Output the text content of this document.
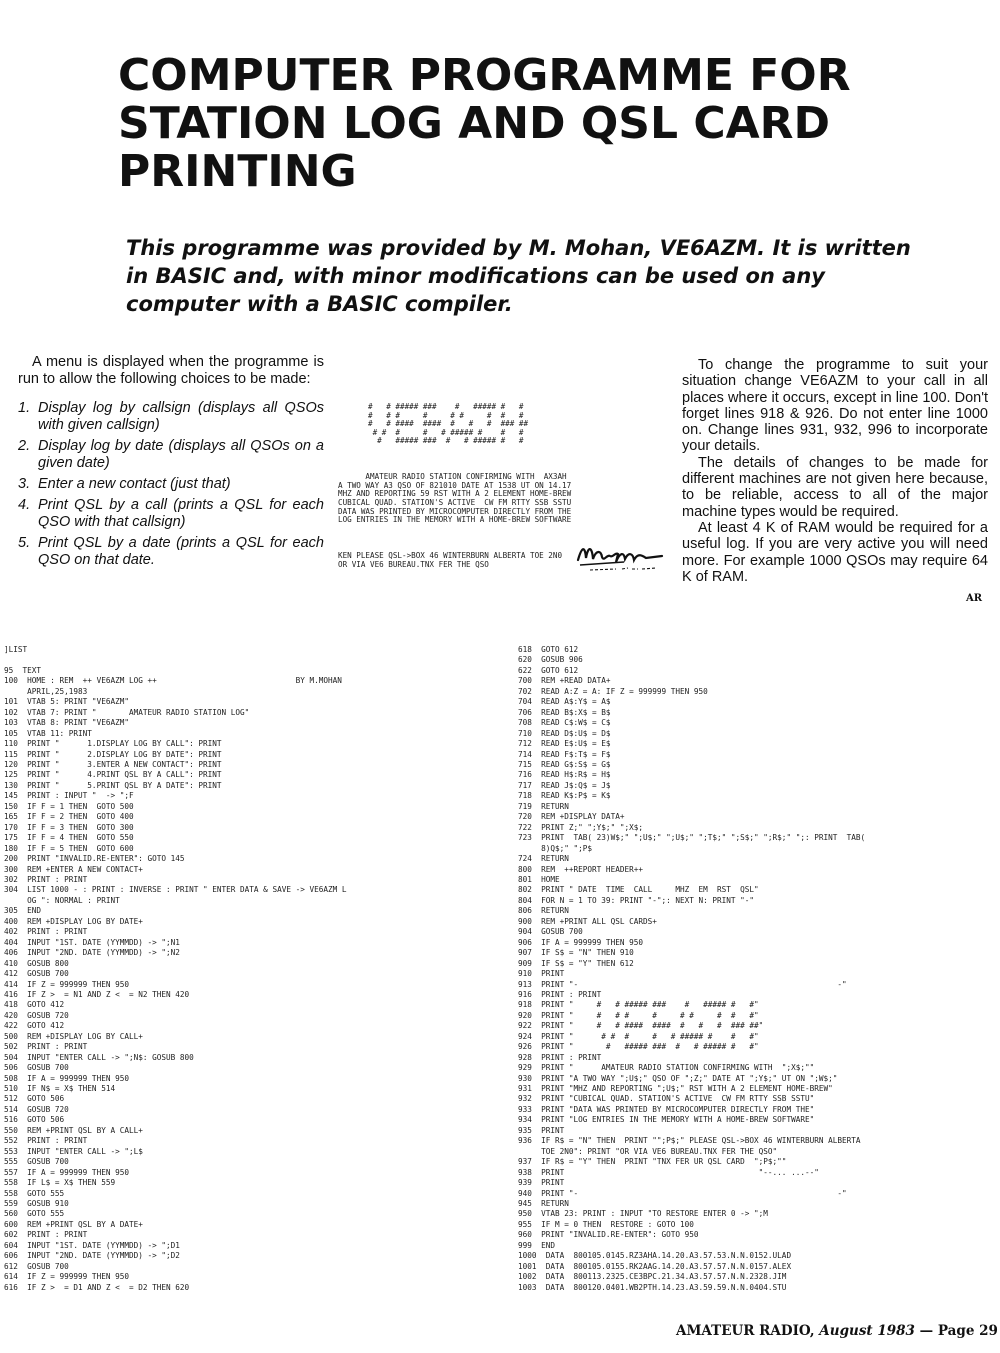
COMPUTER PROGRAMME FOR
STATION LOG AND QSL CARD
PRINTING

This programme was provided by M. Mohan, VE6AZM. It is written in BASIC and, with minor modifications can be used on any computer with a BASIC compiler.

A menu is displayed when the programme is run to allow the following choices to be made:

1. Display log by callsign (displays all QSOs with given callsign)
2. Display log by date (displays all QSOs on a given date)
3. Enter a new contact (just that)
4. Print QSL by a call (prints a QSL for each QSO with that callsign)
5. Print QSL by a date (prints a QSL for each QSO on that date.

#   # ##### ###    #   ##### #   #
#   # #     #     # #     #  #   #
#   # ####  ####  #   #   #  ### ##
# #  #     #   # ##### #    #   #
#   ##### ###  #   # ##### #   #

AMATEUR RADIO STATION CONFIRMING WITH  AX3AH
A TWO WAY A3 QSO OF 821010 DATE AT 1538 UT ON 14.17
MHZ AND REPORTING 59 RST WITH A 2 ELEMENT HOME-BREW
CUBICAL QUAD. STATION'S ACTIVE  CW FM RTTY SSB SSTU
DATA WAS PRINTED BY MICROCOMPUTER DIRECTLY FROM THE
LOG ENTRIES IN THE MEMORY WITH A HOME-BREW SOFTWARE

KEN PLEASE QSL->BOX 46 WINTERBURN ALBERTA TOE 2N0
OR VIA VE6 BUREAU.TNX FER THE QSO

To change the programme to suit your situation change VE6AZM to your call in all places where it occurs, except in line 100. Don't forget lines 918 & 926. Do not enter line 1000 on. Change lines 931, 932, 996 to incorporate your details.

The details of changes to be made for different machines are not given here because, to be reliable, access to all of the major machine types would be required.

At least 4 K of RAM would be required for a useful log. If you are very active you will need more. For example 1000 QSOs may require 64 K of RAM.

AR
]LIST

95  TEXT
100  HOME : REM  ++ VE6AZM LOG ++                              BY M.MOHAN
APRIL,25,1983
101  VTAB 5: PRINT "VE6AZM"
102  VTAB 7: PRINT "       AMATEUR RADIO STATION LOG"
103  VTAB 8: PRINT "VE6AZM"
105  VTAB 11: PRINT
110  PRINT "      1.DISPLAY LOG BY CALL": PRINT
115  PRINT "      2.DISPLAY LOG BY DATE": PRINT
120  PRINT "      3.ENTER A NEW CONTACT": PRINT
125  PRINT "      4.PRINT QSL BY A CALL": PRINT
130  PRINT "      5.PRINT QSL BY A DATE": PRINT
145  PRINT : INPUT "  -> ";F
150  IF F = 1 THEN  GOTO 500
165  IF F = 2 THEN  GOTO 400
170  IF F = 3 THEN  GOTO 300
175  IF F = 4 THEN  GOTO 550
180  IF F = 5 THEN  GOTO 600
200  PRINT "INVALID.RE-ENTER": GOTO 145
300  REM +ENTER A NEW CONTACT+
302  PRINT : PRINT
304  LIST 1000 - : PRINT : INVERSE : PRINT " ENTER DATA & SAVE -> VE6AZM L
OG ": NORMAL : PRINT
305  END
400  REM +DISPLAY LOG BY DATE+
402  PRINT : PRINT
404  INPUT "1ST. DATE (YYMMDD) -> ";N1
406  INPUT "2ND. DATE (YYMMDD) -> ";N2
410  GOSUB 800
412  GOSUB 700
414  IF Z = 999999 THEN 950
416  IF Z >  = N1 AND Z <  = N2 THEN 420
418  GOTO 412
420  GOSUB 720
422  GOTO 412
500  REM +DISPLAY LOG BY CALL+
502  PRINT : PRINT
504  INPUT "ENTER CALL -> ";N$: GOSUB 800
506  GOSUB 700
508  IF A = 999999 THEN 950
510  IF N$ = X$ THEN 514
512  GOTO 506
514  GOSUB 720
516  GOTO 506
550  REM +PRINT QSL BY A CALL+
552  PRINT : PRINT
553  INPUT "ENTER CALL -> ";L$
555  GOSUB 700
557  IF A = 999999 THEN 950
558  IF L$ = X$ THEN 559
558  GOTO 555
559  GOSUB 910
560  GOTO 555
600  REM +PRINT QSL BY A DATE+
602  PRINT : PRINT
604  INPUT "1ST. DATE (YYMMDD) -> ";D1
606  INPUT "2ND. DATE (YYMMDD) -> ";D2
612  GOSUB 700
614  IF Z = 999999 THEN 950
616  IF Z >  = D1 AND Z <  = D2 THEN 620
618  GOTO 612
620  GOSUB 906
622  GOTO 612
700  REM +READ DATA+
702  READ A:Z = A: IF Z = 999999 THEN 950
704  READ A$:Y$ = A$
706  READ B$:X$ = B$
708  READ C$:W$ = C$
710  READ D$:U$ = D$
712  READ E$:U$ = E$
714  READ F$:T$ = F$
715  READ G$:S$ = G$
716  READ H$:R$ = H$
717  READ J$:Q$ = J$
718  READ K$:P$ = K$
719  RETURN
720  REM +DISPLAY DATA+
722  PRINT Z;" ";Y$;" ";X$;
723  PRINT  TAB( 23)W$;" ";U$;" ";U$;" ";T$;" ";S$;" ";R$;" ";: PRINT  TAB(
8)Q$;" ";P$
724  RETURN
800  REM  ++REPORT HEADER++
801  HOME
802  PRINT " DATE  TIME  CALL     MHZ  EM  RST  QSL"
804  FOR N = 1 TO 39: PRINT "-";: NEXT N: PRINT "-"
806  RETURN
900  REM +PRINT ALL QSL CARDS+
904  GOSUB 700
906  IF A = 999999 THEN 950
907  IF S$ = "N" THEN 910
909  IF S$ = "Y" THEN 612
910  PRINT
913  PRINT "-                                                        -"
916  PRINT : PRINT
918  PRINT "     #   # ##### ###    #   ##### #   #"
920  PRINT "     #   # #     #     # #     #  #   #"
922  PRINT "     #   # ####  ####  #   #   #  ### ##"
924  PRINT "      # #  #     #   # ##### #    #   #"
926  PRINT "       #   ##### ###  #   # ##### #   #"
928  PRINT : PRINT
929  PRINT "      AMATEUR RADIO STATION CONFIRMING WITH  ";X$;""
930  PRINT "A TWO WAY ";U$;" QSO OF ";Z;" DATE AT ";Y$;" UT ON ";W$;"
931  PRINT "MHZ AND REPORTING ";U$;" RST WITH A 2 ELEMENT HOME-BREW"
932  PRINT "CUBICAL QUAD. STATION'S ACTIVE  CW FM RTTY SSB SSTU"
933  PRINT "DATA WAS PRINTED BY MICROCOMPUTER DIRECTLY FROM THE"
934  PRINT "LOG ENTRIES IN THE MEMORY WITH A HOME-BREW SOFTWARE"
935  PRINT
936  IF R$ = "N" THEN  PRINT "";P$;" PLEASE QSL->BOX 46 WINTERBURN ALBERTA
TOE 2N0": PRINT "OR VIA VE6 BUREAU.TNX FER THE QSO"
937  IF R$ = "Y" THEN  PRINT "TNX FER UR QSL CARD  ";P$;""
938  PRINT                                          "--... ...--"
939  PRINT
940  PRINT "-                                                        -"
945  RETURN
950  VTAB 23: PRINT : INPUT "TO RESTORE ENTER 0 -> ";M
955  IF M = 0 THEN  RESTORE : GOTO 100
960  PRINT "INVALID.RE-ENTER": GOTO 950
999  END
1000  DATA  800105.0145.RZ3AHA.14.20.A3.57.53.N.N.0152.ULAD
1001  DATA  800105.0155.RK2AAG.14.20.A3.57.57.N.N.0157.ALEX
1002  DATA  800113.2325.CE3BPC.21.34.A3.57.57.N.N.2328.JIM
1003  DATA  800120.0401.WB2PTH.14.23.A3.59.59.N.N.0404.STU
AMATEUR RADIO, August 1983 — Page 29
